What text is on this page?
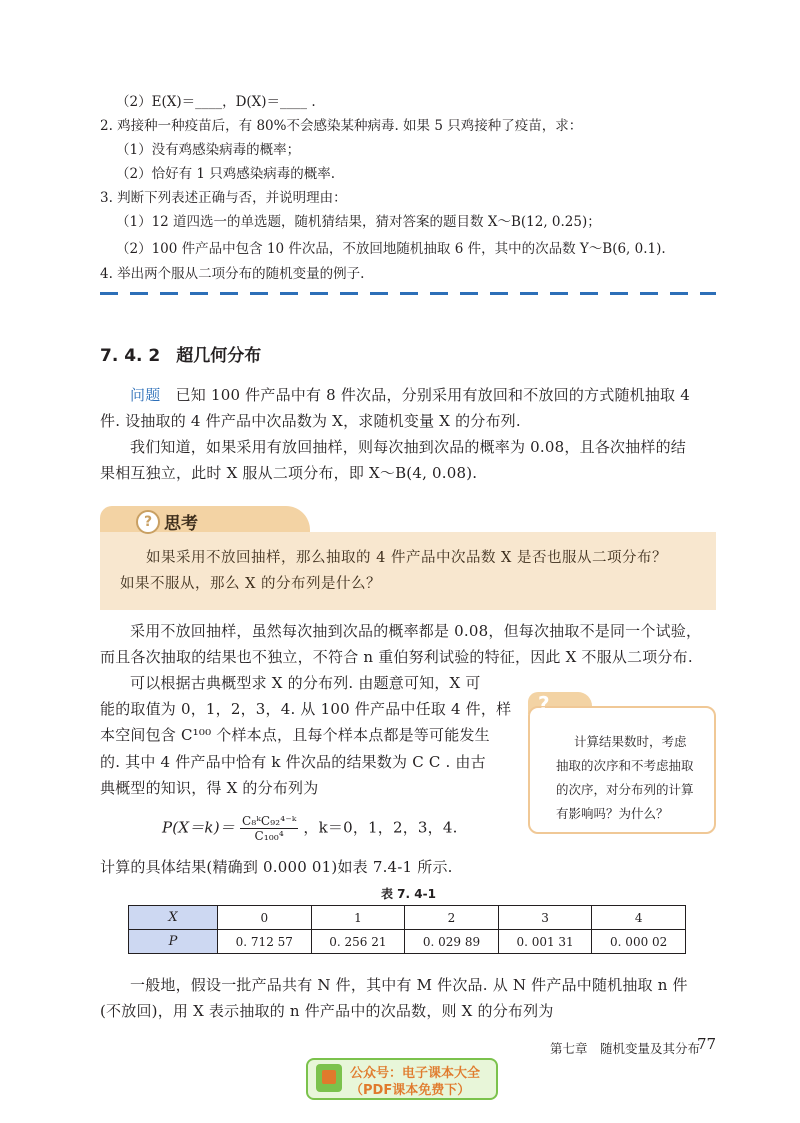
（2）E(X)＝____，D(X)＝____ .
2. 鸡接种一种疫苗后，有 80%不会感染某种病毒. 如果 5 只鸡接种了疫苗，求：
（1）没有鸡感染病毒的概率；
（2）恰好有 1 只鸡感染病毒的概率.
3. 判断下列表述正确与否，并说明理由：
（1）12 道四选一的单选题，随机猜结果，猜对答案的题目数 X～B(12, 0.25)；
（2）100 件产品中包含 10 件次品，不放回地随机抽取 6 件，其中的次品数 Y～B(6, 0.1).
4. 举出两个服从二项分布的随机变量的例子.
7. 4. 2 超几何分布
问题　 已知 100 件产品中有 8 件次品，分别采用有放回和不放回的方式随机抽取 4
件. 设抽取的 4 件产品中次品数为 X，求随机变量 X 的分布列.
我们知道，如果采用有放回抽样，则每次抽到次品的概率为 0.08，且各次抽样的结
果相互独立，此时 X 服从二项分布，即 X～B(4, 0.08).
? 思考
如果采用不放回抽样，那么抽取的 4 件产品中次品数 X 是否也服从二项分布？
如果不服从，那么 X 的分布列是什么？
采用不放回抽样，虽然每次抽到次品的概率都是 0.08，但每次抽取不是同一个试验，
而且各次抽取的结果也不独立，不符合 n 重伯努利试验的特征，因此 X 不服从二项分布.
可以根据古典概型求 X 的分布列. 由题意可知，X 可
能的取值为 0，1，2，3，4. 从 100 件产品中任取 4 件，样
本空间包含 C¹⁰⁰ 个样本点，且每个样本点都是等可能发生
的. 其中 4 件产品中恰有 k 件次品的结果数为 C C . 由古
典概型的知识，得 X 的分布列为
$P(X=k)= \frac{\text{C₈ᵏC₉₂⁴⁻ᵏ}}{\text{C₁₀₀⁴}}$ ，k＝0，1，2，3，4.
计算的具体结果(精确到 0.000 01)如表 7.4-1 所示.
?
计算结果数时，考虑
抽取的次序和不考虑抽取
的次序，对分布列的计算
有影响吗？为什么？
表 7. 4-1
X	0	1	2	3	4
P	0. 712 57	0. 256 21	0. 029 89	0. 001 31	0. 000 02
一般地，假设一批产品共有 N 件，其中有 M 件次品. 从 N 件产品中随机抽取 n 件
(不放回)，用 X 表示抽取的 n 件产品中的次品数，则 X 的分布列为
第七章　随机变量及其分布
77
公众号：电子课本大全
（PDF课本免费下）
